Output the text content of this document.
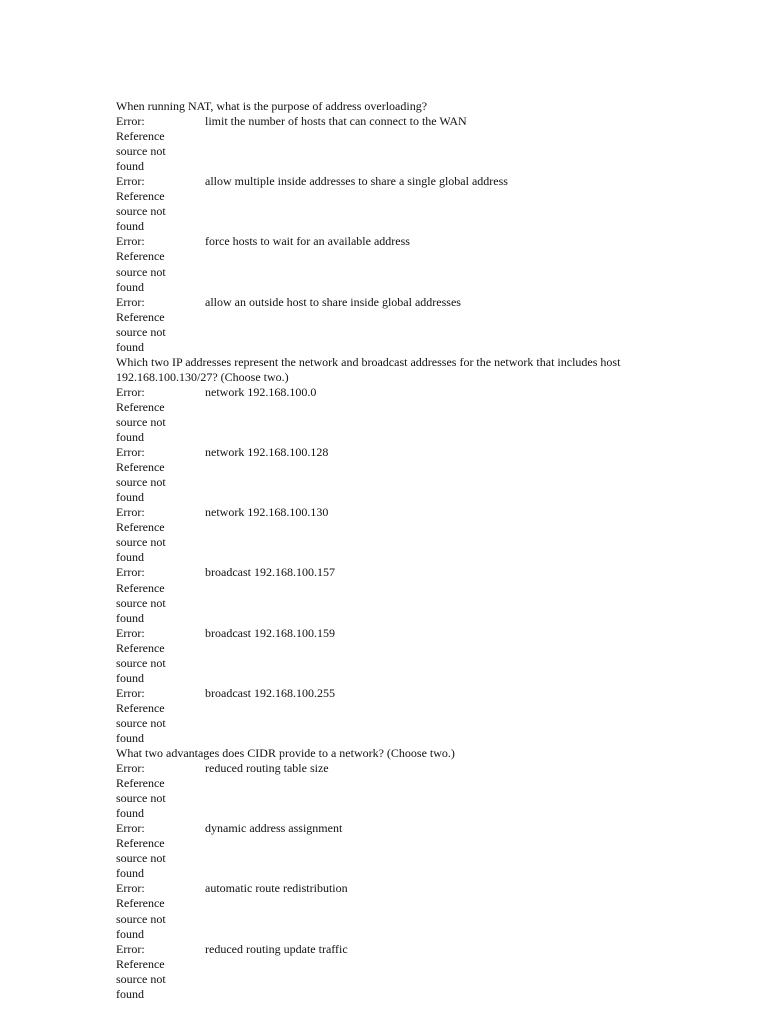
When running NAT, what is the purpose of address overloading?

Error: Reference source not found
limit the number of hosts that can connect to the WAN
Error: Reference source not found
allow multiple inside addresses to share a single global address
Error: Reference source not found
force hosts to wait for an available address
Error: Reference source not found
allow an outside host to share inside global addresses

Which two IP addresses represent the network and broadcast addresses for the network that includes host 192.168.100.130/27? (Choose two.)

Error: Reference source not found
network 192.168.100.0
Error: Reference source not found
network 192.168.100.128
Error: Reference source not found
network 192.168.100.130
Error: Reference source not found
broadcast 192.168.100.157
Error: Reference source not found
broadcast 192.168.100.159
Error: Reference source not found
broadcast 192.168.100.255

What two advantages does CIDR provide to a network? (Choose two.)

Error: Reference source not found
reduced routing table size
Error: Reference source not found
dynamic address assignment
Error: Reference source not found
automatic route redistribution
Error: Reference source not found
reduced routing update traffic
